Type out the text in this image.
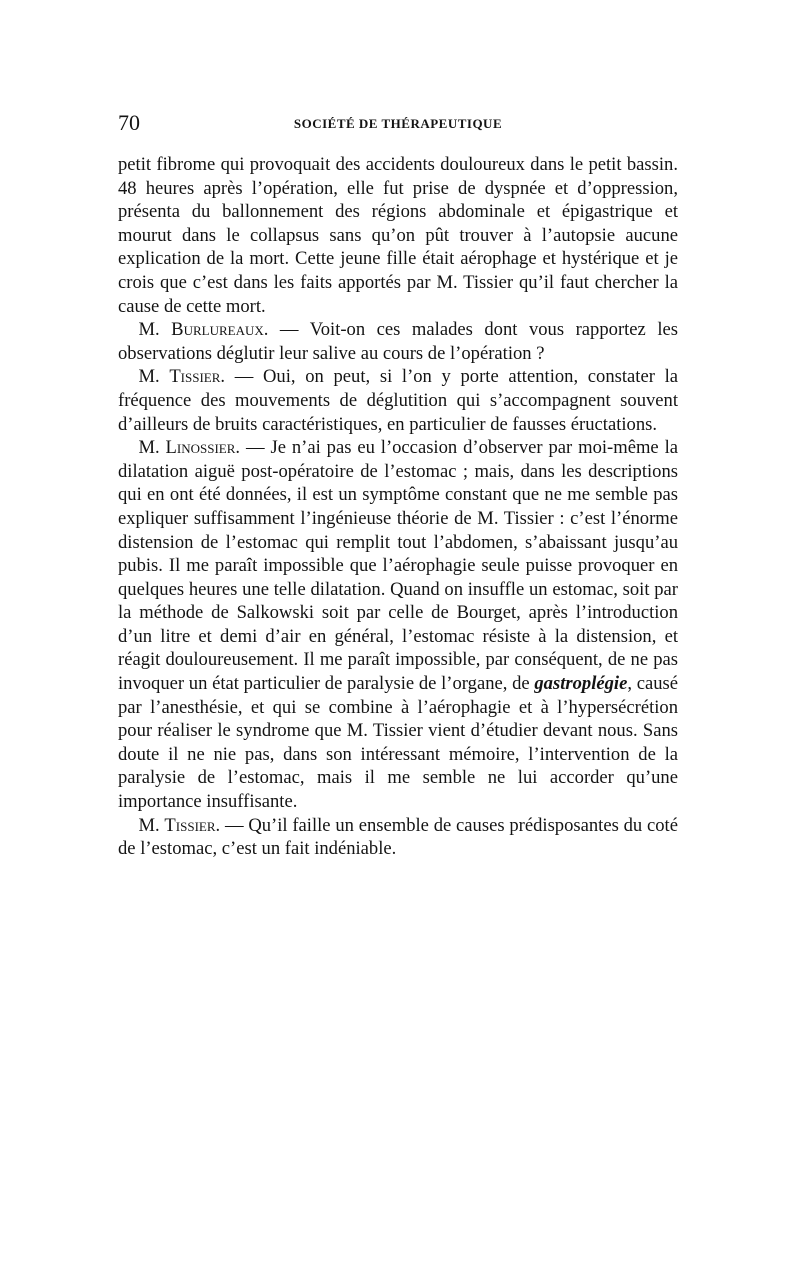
70	SOCIÉTÉ DE THÉRAPEUTIQUE

petit fibrome qui provoquait des accidents douloureux dans le petit bassin. 48 heures après l’opération, elle fut prise de dyspnée et d’oppression, présenta du ballonnement des régions abdominale et épigastrique et mourut dans le collapsus sans qu’on pût trouver à l’autopsie aucune explication de la mort. Cette jeune fille était aérophage et hystérique et je crois que c’est dans les faits apportés par M. Tissier qu’il faut chercher la cause de cette mort.

M. Burlureaux. — Voit-on ces malades dont vous rapportez les observations déglutir leur salive au cours de l’opération ?

M. Tissier. — Oui, on peut, si l’on y porte attention, constater la fréquence des mouvements de déglutition qui s’accompagnent souvent d’ailleurs de bruits caractéristiques, en particulier de fausses éructations.

M. Linossier. — Je n’ai pas eu l’occasion d’observer par moi-même la dilatation aiguë post-opératoire de l’estomac ; mais, dans les descriptions qui en ont été données, il est un symptôme constant que ne me semble pas expliquer suffisamment l’ingénieuse théorie de M. Tissier : c’est l’énorme distension de l’estomac qui remplit tout l’abdomen, s’abaissant jusqu’au pubis. Il me paraît impossible que l’aérophagie seule puisse provoquer en quelques heures une telle dilatation. Quand on insuffle un estomac, soit par la méthode de Salkowski soit par celle de Bourget, après l’introduction d’un litre et demi d’air en général, l’estomac résiste à la distension, et réagit douloureusement. Il me paraît impossible, par conséquent, de ne pas invoquer un état particulier de paralysie de l’organe, de gastroplégie, causé par l’anesthésie, et qui se combine à l’aérophagie et à l’hypersécrétion pour réaliser le syndrome que M. Tissier vient d’étudier devant nous. Sans doute il ne nie pas, dans son intéressant mémoire, l’intervention de la paralysie de l’estomac, mais il me semble ne lui accorder qu’une importance insuffisante.

M. Tissier. — Qu’il faille un ensemble de causes prédisposantes du coté de l’estomac, c’est un fait indéniable.
